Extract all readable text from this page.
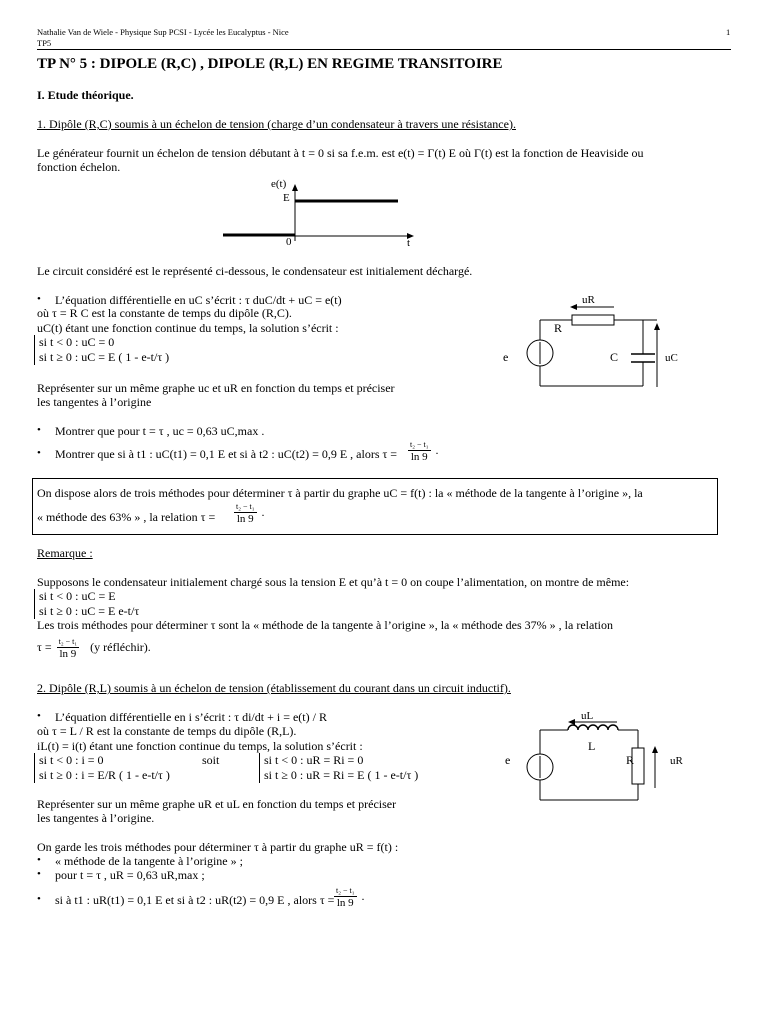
Nathalie Van de Wiele - Physique Sup PCSI - Lycée les Eucalyptus - Nice	1
TP5
TP N° 5 : DIPOLE (R,C) , DIPOLE (R,L) EN REGIME TRANSITOIRE
I. Etude théorique.
1. Dipôle (R,C) soumis à un échelon de tension (charge d’un condensateur à travers une résistance).
Le générateur fournit un échelon de tension débutant à t = 0 si sa f.e.m. est e(t) = Γ(t) E où Γ(t) est la fonction de Heaviside ou
fonction échelon.
e(t)
E
0	t
Le circuit considéré est le représenté ci-dessous, le condensateur est initialement déchargé.
• L’équation différentielle en uC s’écrit : τ duC/dt + uC = e(t)
où τ = R C est la constante de temps du dipôle (R,C).
uC(t) étant une fonction continue du temps, la solution s’écrit :
si t < 0 : uC = 0
si t ≥ 0 : uC = E ( 1 - e-t/τ )
uR
R
e	C	uC
Représenter sur un même graphe uc et uR en fonction du temps et préciser
les tangentes à l’origine
• Montrer que pour t = τ , uc = 0,63 uC,max .
• Montrer que si à t1 : uC(t1) = 0,1 E et si à t2 : uC(t2) = 0,9 E , alors $\tau = \frac{\text{t₂ − t₁}}{\ln 9}$ .
On dispose alors de trois méthodes pour déterminer τ à partir du graphe uC = f(t) : la « méthode de la tangente à l’origine », la
« méthode des 63% » , la relation $\tau = \frac{\text{t₂ − t₁}}{\ln 9}$ .
Remarque :
Supposons le condensateur initialement chargé sous la tension E et qu’à t = 0 on coupe l’alimentation, on montre de même:
si t < 0 : uC = E
si t ≥ 0 : uC = E e-t/τ
Les trois méthodes pour déterminer τ sont la « méthode de la tangente à l’origine », la « méthode des 37% » , la relation
$\tau = \frac{\text{t₂ − t₁}}{\ln 9} (y$ réfléchir).
2. Dipôle (R,L) soumis à un échelon de tension (établissement du courant dans un circuit inductif).
• L’équation différentielle en i s’écrit : τ di/dt + i = e(t) / R
où τ = L / R est la constante de temps du dipôle (R,L).
iL(t) = i(t) étant une fonction continue du temps, la solution s’écrit :
si t < 0 : i = 0
si t ≥ 0 : i = E/R ( 1 - e-t/τ )
soit	si t < 0 : uR = Ri = 0
si t ≥ 0 : uR = Ri = E ( 1 - e-t/τ )
uL
L
e	R	uR
Représenter sur un même graphe uR et uL en fonction du temps et préciser
les tangentes à l’origine.
On garde les trois méthodes pour déterminer τ à partir du graphe uR = f(t) :
• « méthode de la tangente à l’origine » ;
• pour t = τ , uR = 0,63 uR,max ;
• si à t1 : uR(t1) = 0,1 E et si à t2 : uR(t2) = 0,9 E , alors $\tau = \frac{\text{t₂ − t₁}}{\ln 9}$ .
